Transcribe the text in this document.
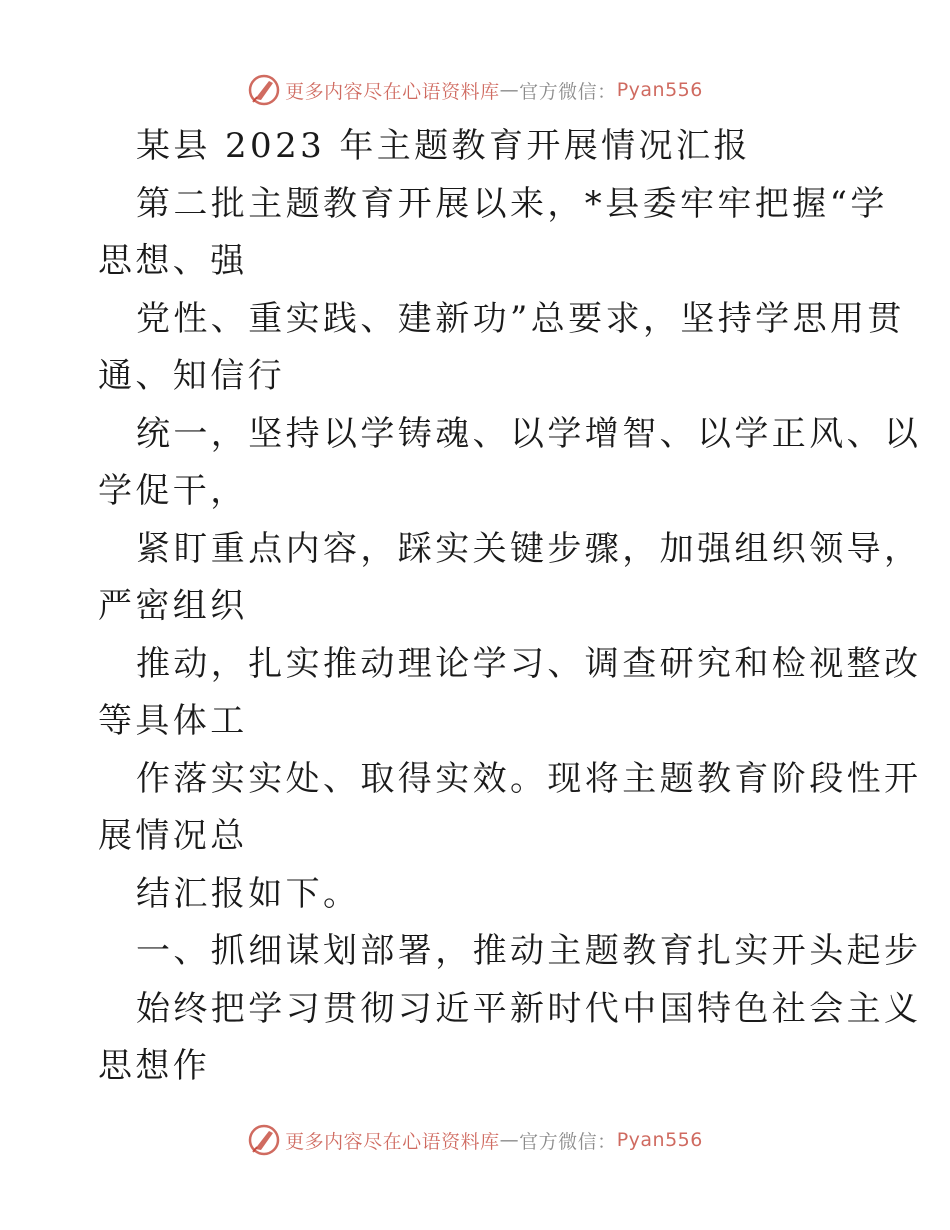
更多内容尽在心语资料库 — 官方微信： Pyan556
某县 2023 年主题教育开展情况汇报
第二批主题教育开展以来，*县委牢牢把握“学
思想、强
党性、重实践、建新功”总要求，坚持学思用贯
通、知信行
统一，坚持以学铸魂、以学增智、以学正风、以
学促干，
紧盯重点内容，踩实关键步骤，加强组织领导，
严密组织
推动，扎实推动理论学习、调查研究和检视整改
等具体工
作落实实处、取得实效。现将主题教育阶段性开
展情况总
结汇报如下。
一、抓细谋划部署，推动主题教育扎实开头起步
始终把学习贯彻习近平新时代中国特色社会主义
思想作
更多内容尽在心语资料库 — 官方微信： Pyan556
